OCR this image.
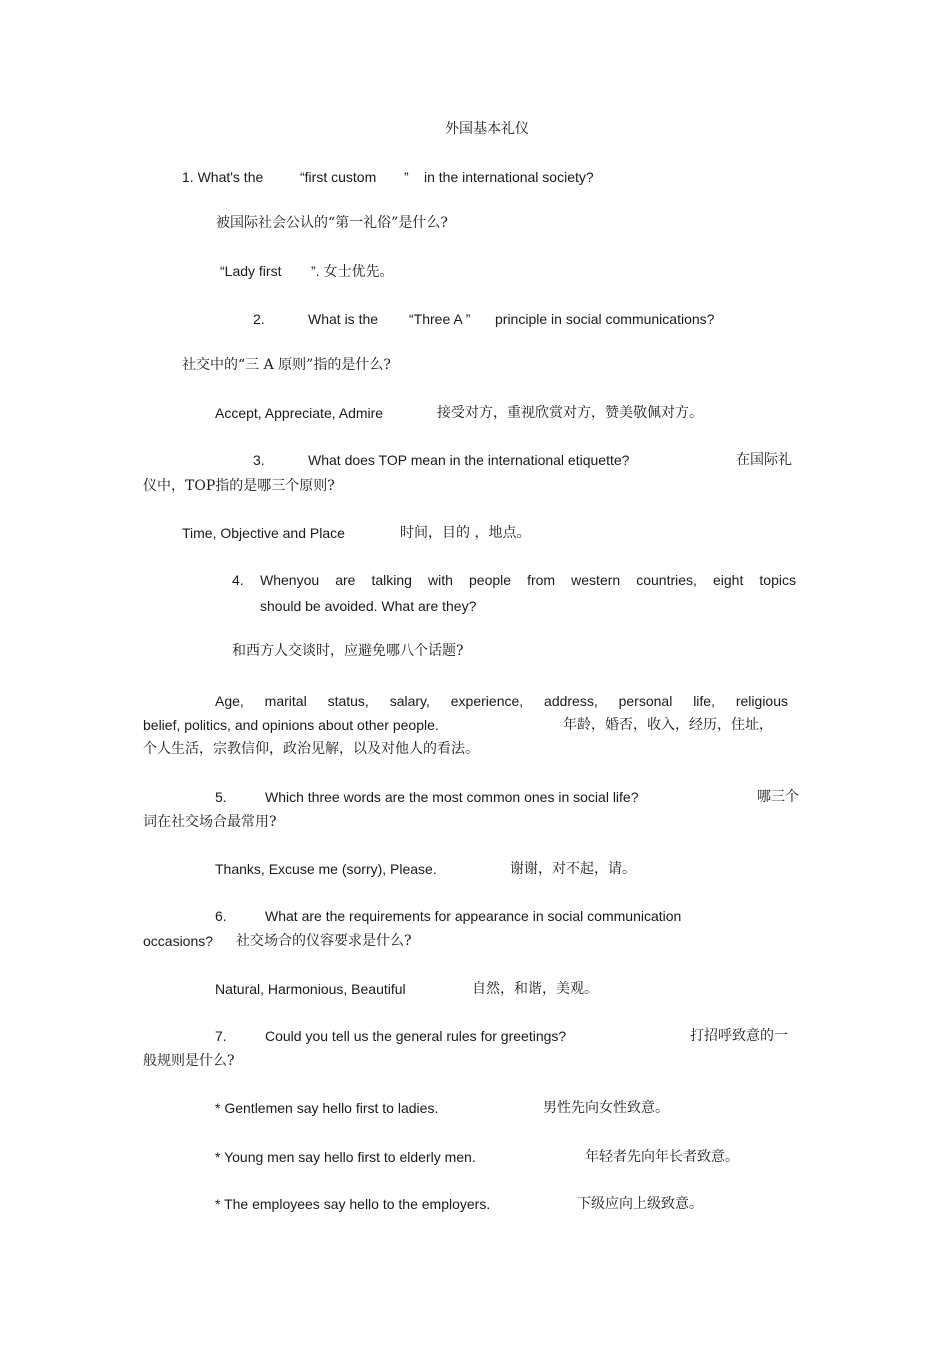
外国基本礼仪
1. What's the	“first custom ” in the international society?
被国际社会公认的“第一礼俗”是什么?
“Lady first ”. 女士优先。
2.	What is the “Three A ” principle in social communications?
社交中的“三 A 原则”指的是什么?
Accept, Appreciate, Admire	接受对方，重视欣赏对方，赞美敬佩对方。
3.	What does TOP mean in the international etiquette?	在国际礼
仪中，TOP指的是哪三个原则?
Time, Objective and Place	时间，目的 ，地点。
4. Whenyou are talking with people from western countries, eight topics
should be avoided. What are they?
和西方人交谈时，应避免哪八个话题?
Age, marital status, salary, experience, address, personal life, religious
belief, politics, and opinions about other people.	年龄，婚否，收入，经历，住址，
个人生活，宗教信仰，政治见解，以及对他人的看法。
5.	Which three words are the most common ones in social life?	哪三个
词在社交场合最常用?
Thanks, Excuse me (sorry), Please.	谢谢，对不起，请。
6.	What are the requirements for appearance in social communication
occasions? 社交场合的仪容要求是什么?
Natural, Harmonious, Beautiful	自然，和谐，美观。
7.	Could you tell us the general rules for greetings?	打招呼致意的一
般规则是什么?
* Gentlemen say hello first to ladies.	男性先向女性致意。
* Young men say hello first to elderly men.	年轻者先向年长者致意。
* The employees say hello to the employers.	下级应向上级致意。
